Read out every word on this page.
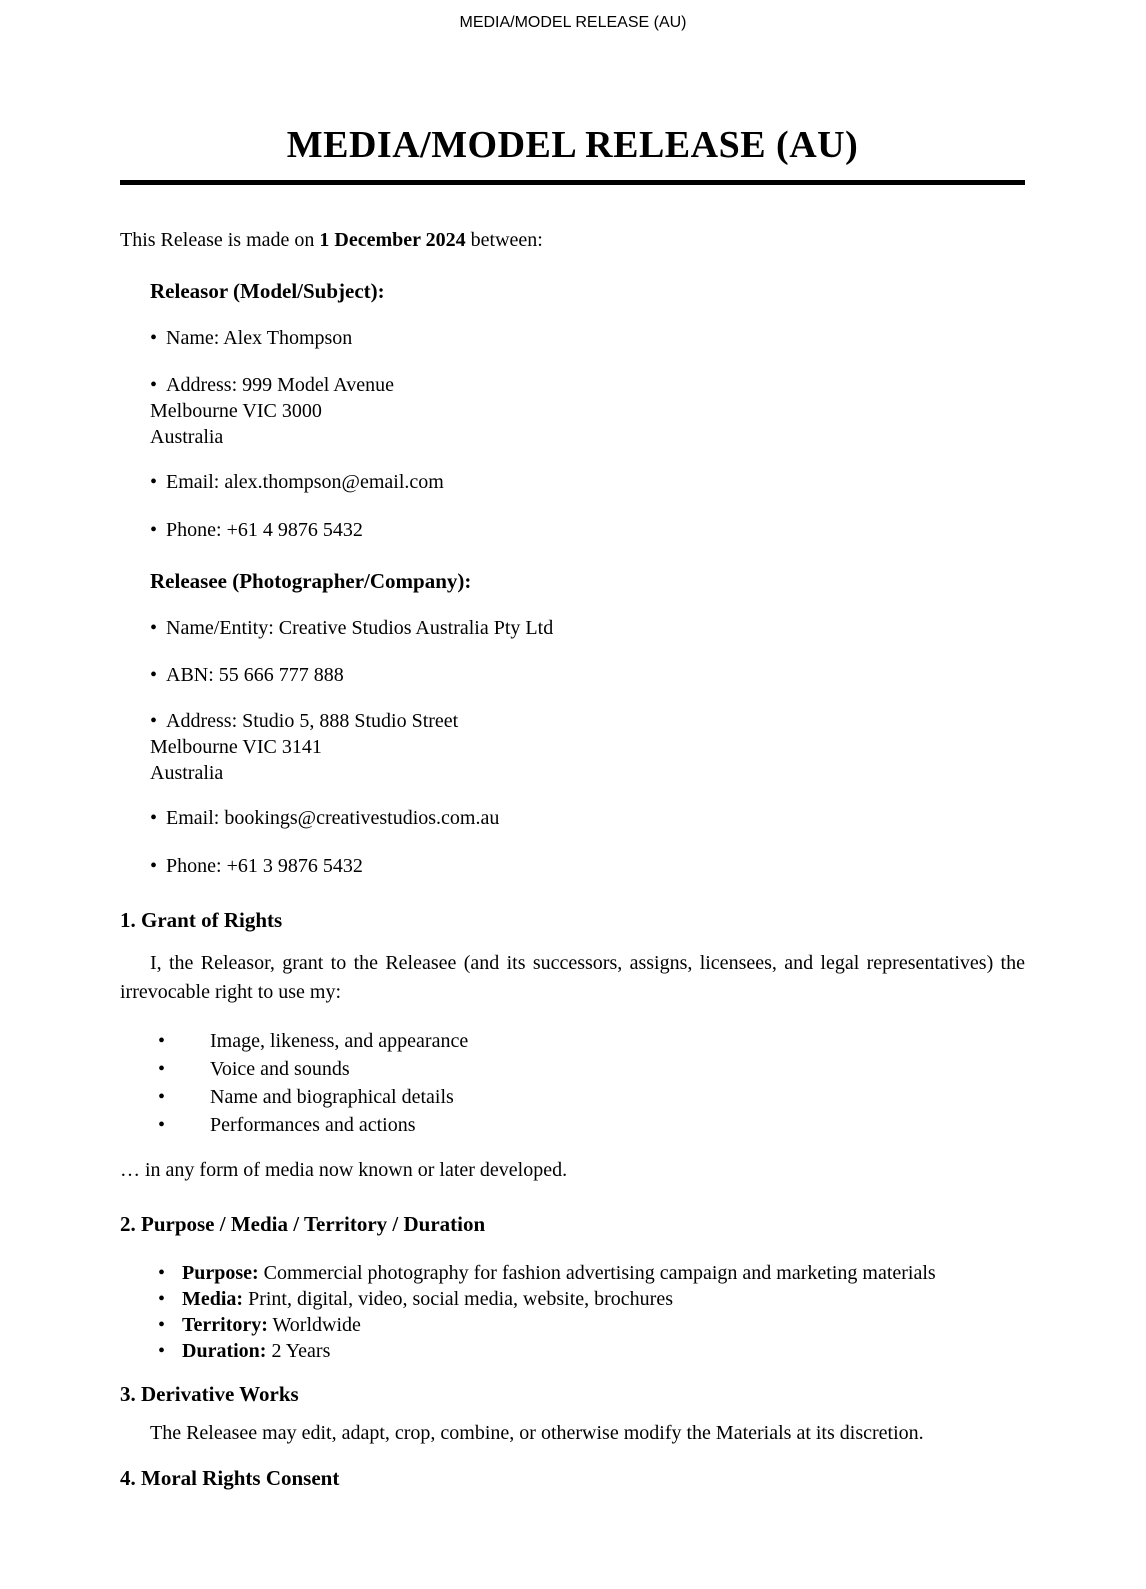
MEDIA/MODEL RELEASE (AU)
MEDIA/MODEL RELEASE (AU)

This Release is made on 1 December 2024 between:

Releasor (Model/Subject):

• Name: Alex Thompson

• Address: 999 Model Avenue
Melbourne VIC 3000
Australia

• Email: alex.thompson@email.com

• Phone: +61 4 9876 5432

Releasee (Photographer/Company):

• Name/Entity: Creative Studios Australia Pty Ltd

• ABN: 55 666 777 888

• Address: Studio 5, 888 Studio Street
Melbourne VIC 3141
Australia

• Email: bookings@creativestudios.com.au

• Phone: +61 3 9876 5432

1. Grant of Rights

I, the Releasor, grant to the Releasee (and its successors, assigns, licensees, and legal representatives) the irrevocable right to use my:

• Image, likeness, and appearance
• Voice and sounds
• Name and biographical details
• Performances and actions

… in any form of media now known or later developed.

2. Purpose / Media / Territory / Duration
• Purpose: Commercial photography for fashion advertising campaign and marketing materials
• Media: Print, digital, video, social media, website, brochures
• Territory: Worldwide
• Duration: 2 Years
3. Derivative Works

The Releasee may edit, adapt, crop, combine, or otherwise modify the Materials at its discretion.

4. Moral Rights Consent
